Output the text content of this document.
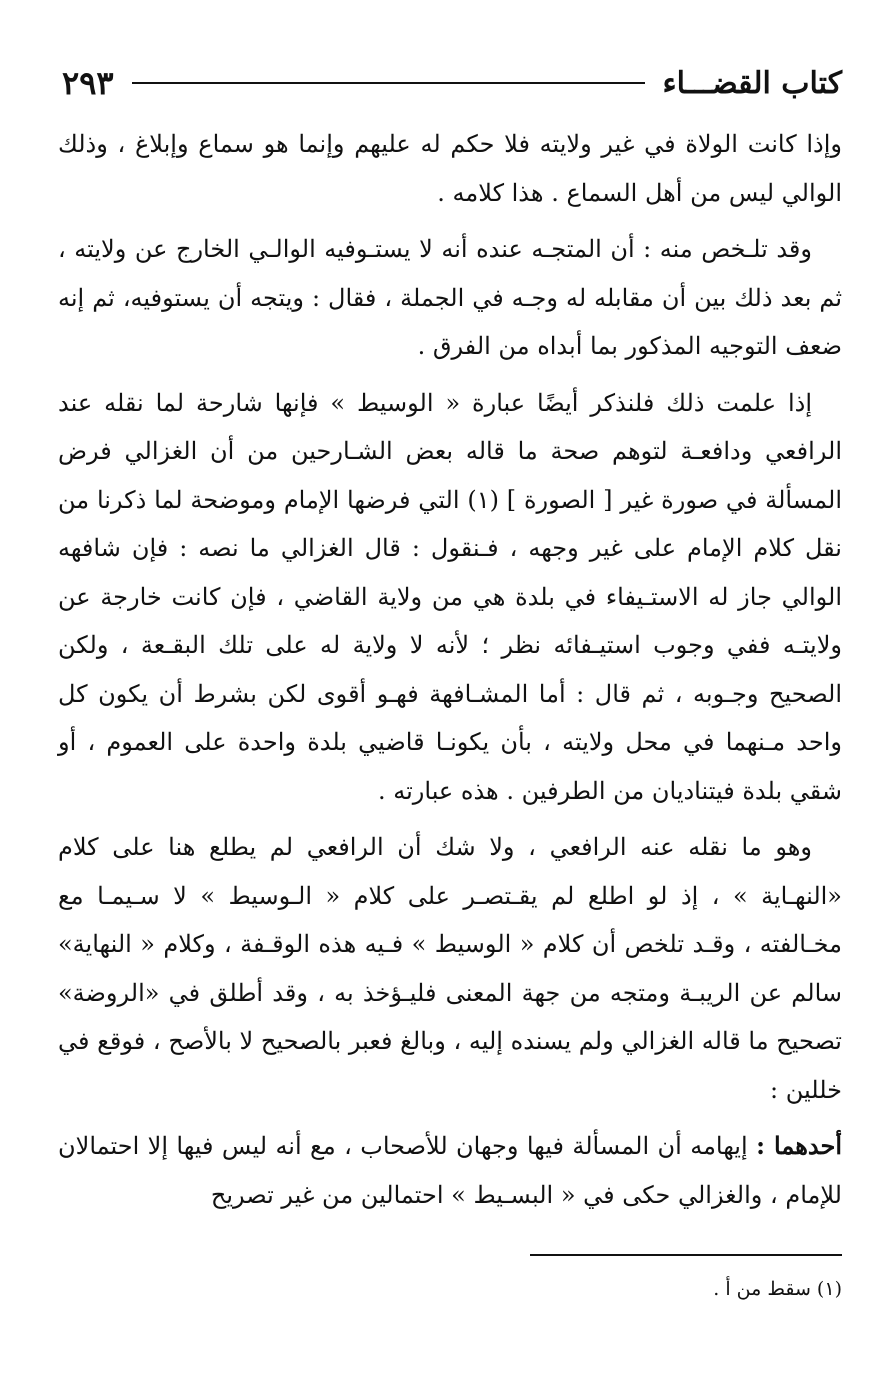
كتاب القضـــاء
٢٩٣

وإذا كانت الولاة في غير ولايته فلا حكم له عليهم وإنما هو سماع وإبلاغ ، وذلك الوالي ليس من أهل السماع . هذا كلامه .

وقد تلـخص منه : أن المتجـه عنده أنه لا يستـوفيه الوالـي الخارج عن ولايته ، ثم بعد ذلك بين أن مقابله له وجـه في الجملة ، فقال : ويتجه أن يستوفيه، ثم إنه ضعف التوجيه المذكور بما أبداه من الفرق .

إذا علمت ذلك فلنذكر أيضًا عبارة « الوسيط » فإنها شارحة لما نقله عند الرافعي ودافعـة لتوهم صحة ما قاله بعض الشـارحين من أن الغزالي فرض المسألة في صورة غير [ الصورة ] (١) التي فرضها الإمام وموضحة لما ذكرنا من نقل كلام الإمام على غير وجهه ، فـنقول : قال الغزالي ما نصه : فإن شافهه الوالي جاز له الاستـيفاء في بلدة هي من ولاية القاضي ، فإن كانت خارجة عن ولايتـه ففي وجوب استيـفائه نظر ؛ لأنه لا ولاية له على تلك البقـعة ، ولكن الصحيح وجـوبه ، ثم قال : أما المشـافهة فهـو أقوى لكن بشرط أن يكون كل واحد مـنهما في محل ولايته ، بأن يكونـا قاضيي بلدة واحدة على العموم ، أو شقي بلدة فيتناديان من الطرفين . هذه عبارته .

وهو ما نقله عنه الرافعي ، ولا شك أن الرافعي لم يطلع هنا على كلام «النهـاية » ، إذ لو اطلع لم يقـتصـر على كلام « الـوسيط » لا سـيمـا مع مخـالفته ، وقـد تلخص أن كلام « الوسيط » فـيه هذه الوقـفة ، وكلام « النهاية» سالم عن الريبـة ومتجه من جهة المعنى فليـؤخذ به ، وقد أطلق في «الروضة» تصحيح ما قاله الغزالي ولم يسنده إليه ، وبالغ فعبر بالصحيح لا بالأصح ، فوقع في خللين :

أحدهما : إيهامه أن المسألة فيها وجهان للأصحاب ، مع أنه ليس فيها إلا احتمالان للإمام ، والغزالي حكى في « البسـيط » احتمالين من غير تصريح

(١) سقط من أ .
